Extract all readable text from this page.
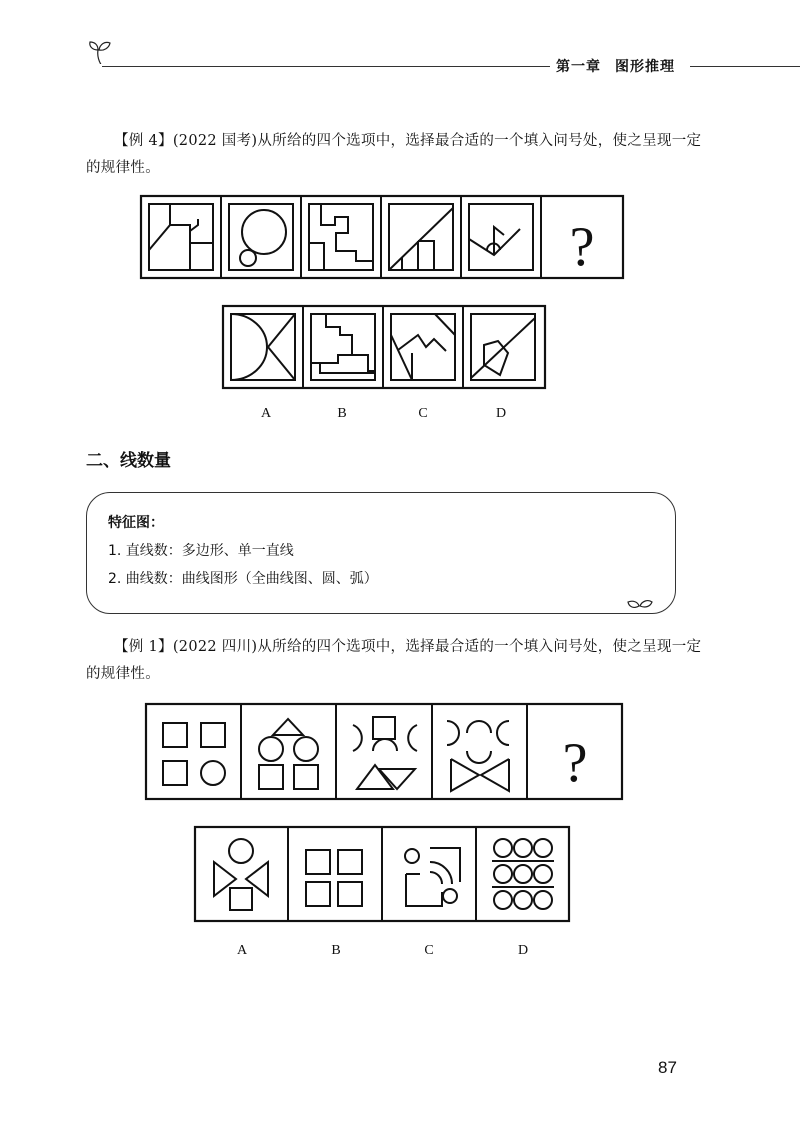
第一章 图形推理
【例 4】(2022 国考)从所给的四个选项中，选择最合适的一个填入问号处，使之呈现一定的规律性。
?
A	B	C	D
二、线数量
特征图：
1. 直线数：多边形、单一直线
2. 曲线数：曲线图形（全曲线图、圆、弧）
【例 1】(2022 四川)从所给的四个选项中，选择最合适的一个填入问号处，使之呈现一定的规律性。
?
A	B	C	D
87
